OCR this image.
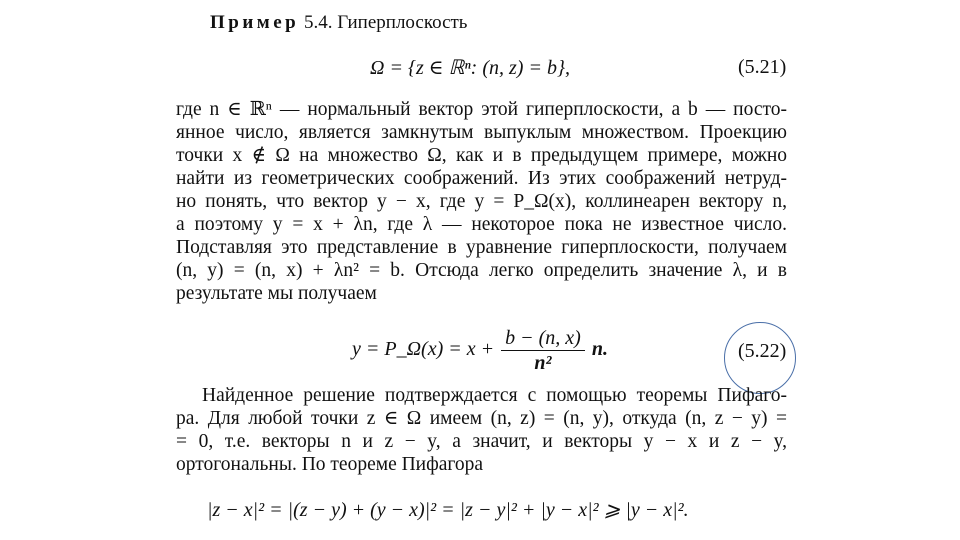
Пример 5.4. Гиперплоскость
Ω = {z ∈ ℝⁿ: (n, z) = b},	(5.21)
где n ∈ ℝⁿ –– нормальный вектор этой гиперплоскости, а b — посто-
янное число, является замкнутым выпуклым множеством. Проекцию
точки x ∉ Ω на множество Ω, как и в предыдущем примере, можно
найти из геометрических соображений. Из этих соображений нетруд-
но понять, что вектор y − x, где y = P_Ω(x), коллинеарен вектору n,
а поэтому y = x + λn, где λ — некоторое пока не известное число.
Подставляя это представление в уравнение гиперплоскости, получаем
(n, y) = (n, x) + λn² = b. Отсюда легко определить значение λ, и в
результате мы получаем
y = P_Ω(x) = $x + \frac{b - (n, x)}{\text{n²}} n$.	(5.22)
Найденное решение подтверждается с помощью теоремы Пифаго-
ра. Для любой точки z ∈ Ω имеем (n, z) = (n, y), откуда (n, z − y) =
= 0, т.е. векторы n и z − y, а значит, и векторы y − x и z − y,
ортогональны. По теореме Пифагора
|z − x|² = |(z − y) + (y − x)|² = |z − y|² + |y − x|² ⩾ |y − x|².
